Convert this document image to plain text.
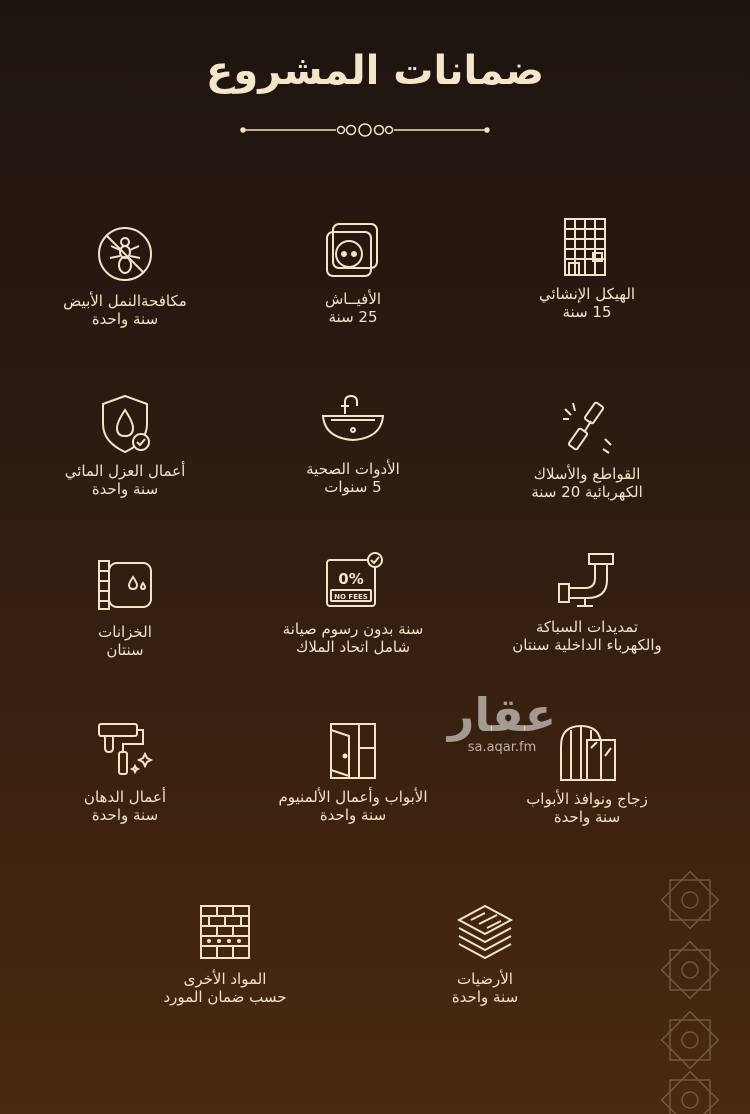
ضمانات المشروع
الهيكل الإنشائي
15 سنة
الأفيــاش
25 سنة
مكافحةالنمل الأبيض
سنة واحدة
القواطع والأسلاك
الكهربائية 20 سنة
الأدوات الصحية
5 سنوات
أعمال العزل المائي
سنة واحدة
تمديدات السباكة
والكهرباء الداخلية سنتان
0%
NO FEES
سنة بدون رسوم صيانة
شامل اتحاد الملاك
الخزانات
سنتان
زجاج ونوافذ الأبواب
سنة واحدة
الأبواب وأعمال الألمنيوم
سنة واحدة
أعمال الدهان
سنة واحدة
الأرضيات
سنة واحدة
المواد الأخرى
حسب ضمان المورد
عقار
sa.aqar.fm
